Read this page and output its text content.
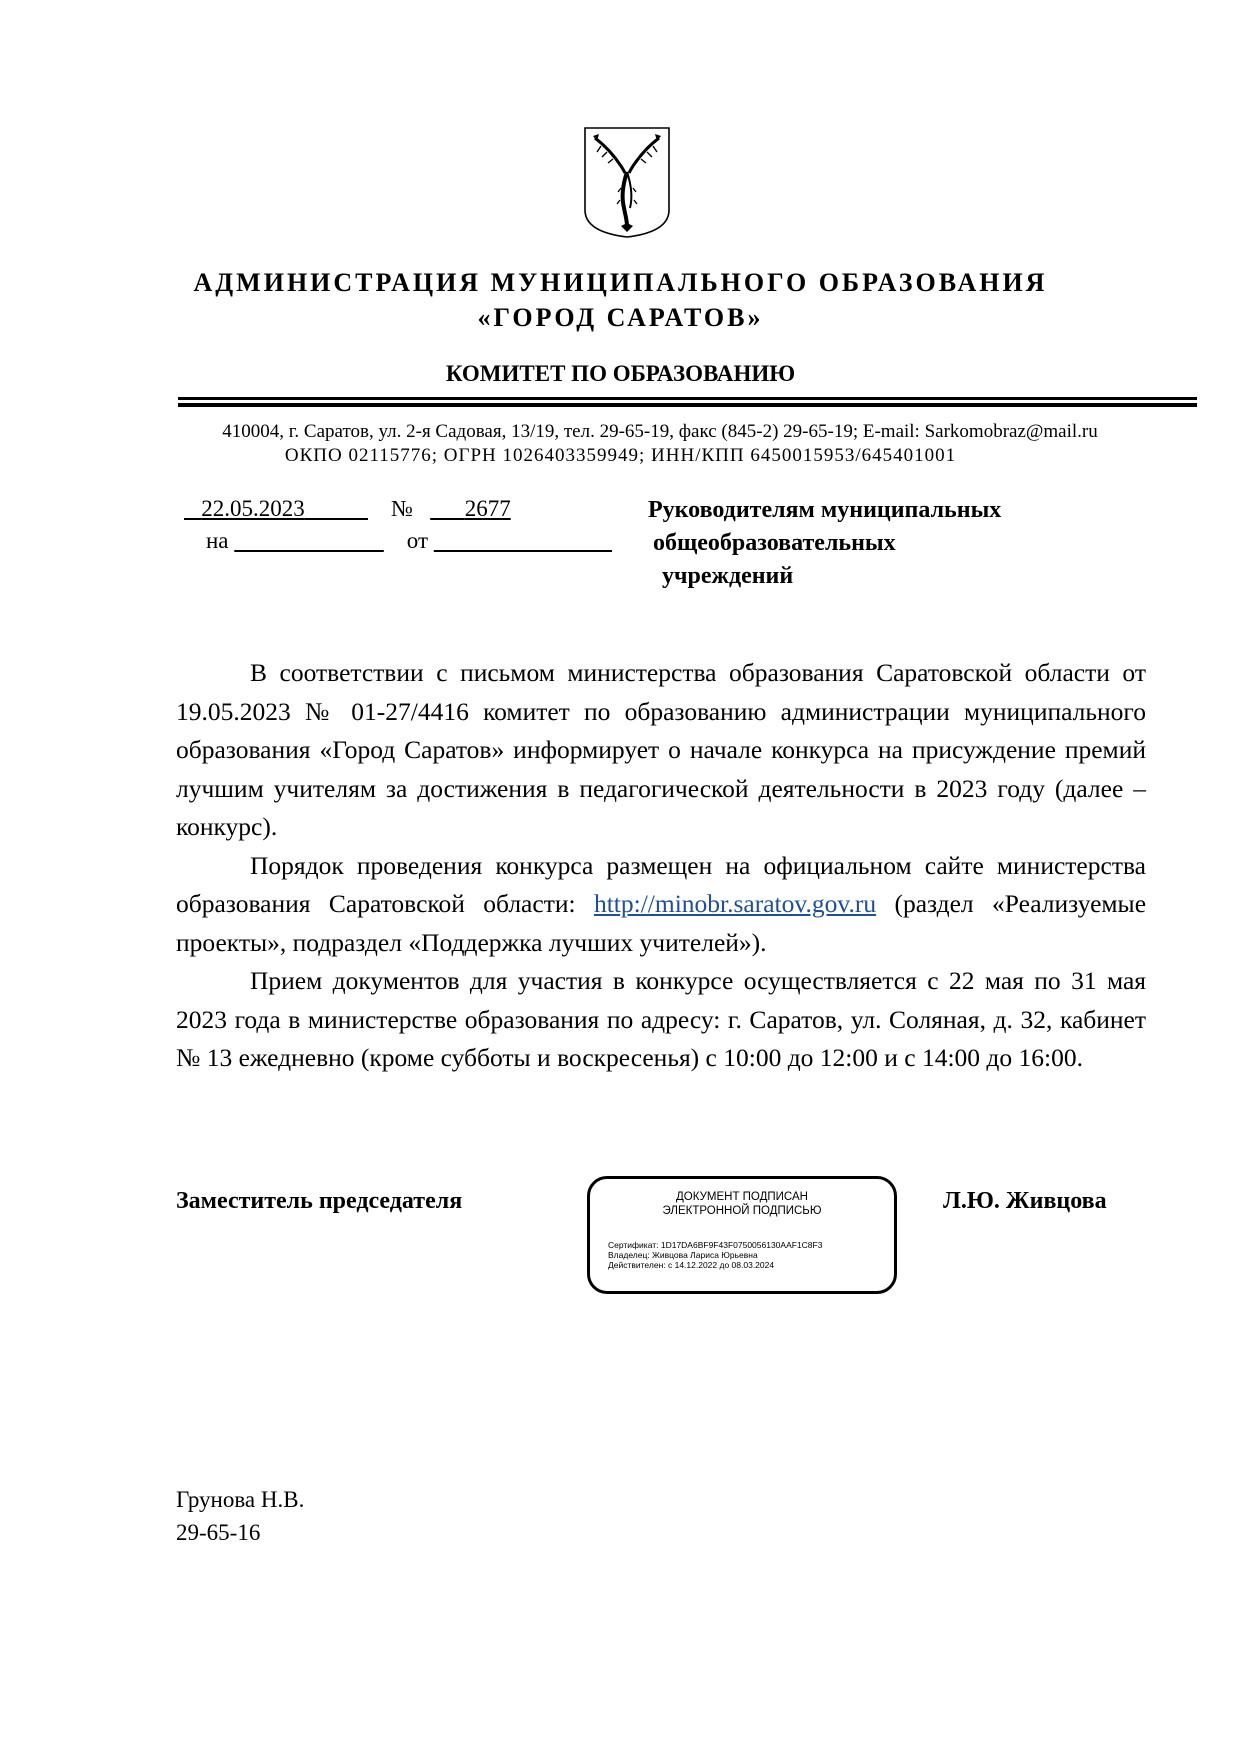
АДМИНИСТРАЦИЯ МУНИЦИПАЛЬНОГО ОБРАЗОВАНИЯ
«ГОРОД САРАТОВ»
КОМИТЕТ ПО ОБРАЗОВАНИЮ
410004, г. Саратов, ул. 2-я Садовая, 13/19, тел. 29-65-19, факс (845-2) 29-65-19; E-mail: Sarkomobraz@mail.ru
ОКПО 02115776; ОГРН 1026403359949; ИНН/КПП 6450015953/645401001
22.05.2023	№ 2677
на	от
Руководителям муниципальных
общеобразовательных
учреждений

В соответствии с письмом министерства образования Саратовской области от 19.05.2023 № 01-27/4416 комитет по образованию администрации муниципального образования «Город Саратов» информирует о начале конкурса на присуждение премий лучшим учителям за достижения в педагогической деятельности в 2023 году (далее – конкурс).

Порядок проведения конкурса размещен на официальном сайте министерства образования Саратовской области: http://minobr.saratov.gov.ru (раздел «Реализуемые проекты», подраздел «Поддержка лучших учителей»).

Прием документов для участия в конкурсе осуществляется с 22 мая по 31 мая 2023 года в министерстве образования по адресу: г. Саратов, ул. Соляная, д. 32, кабинет № 13 ежедневно (кроме субботы и воскресенья) с 10:00 до 12:00 и с 14:00 до 16:00.

Заместитель председателя	ДОКУМЕНТ ПОДПИСАН
ЭЛЕКТРОННОЙ ПОДПИСЬЮ
Сертификат: 1D17DA6BF9F43F0750056130AAF1C8F3
Владелец: Живцова Лариса Юрьевна
Действителен: с 14.12.2022 до 08.03.2024
Л.Ю. Живцова
Грунова Н.В.
29-65-16
